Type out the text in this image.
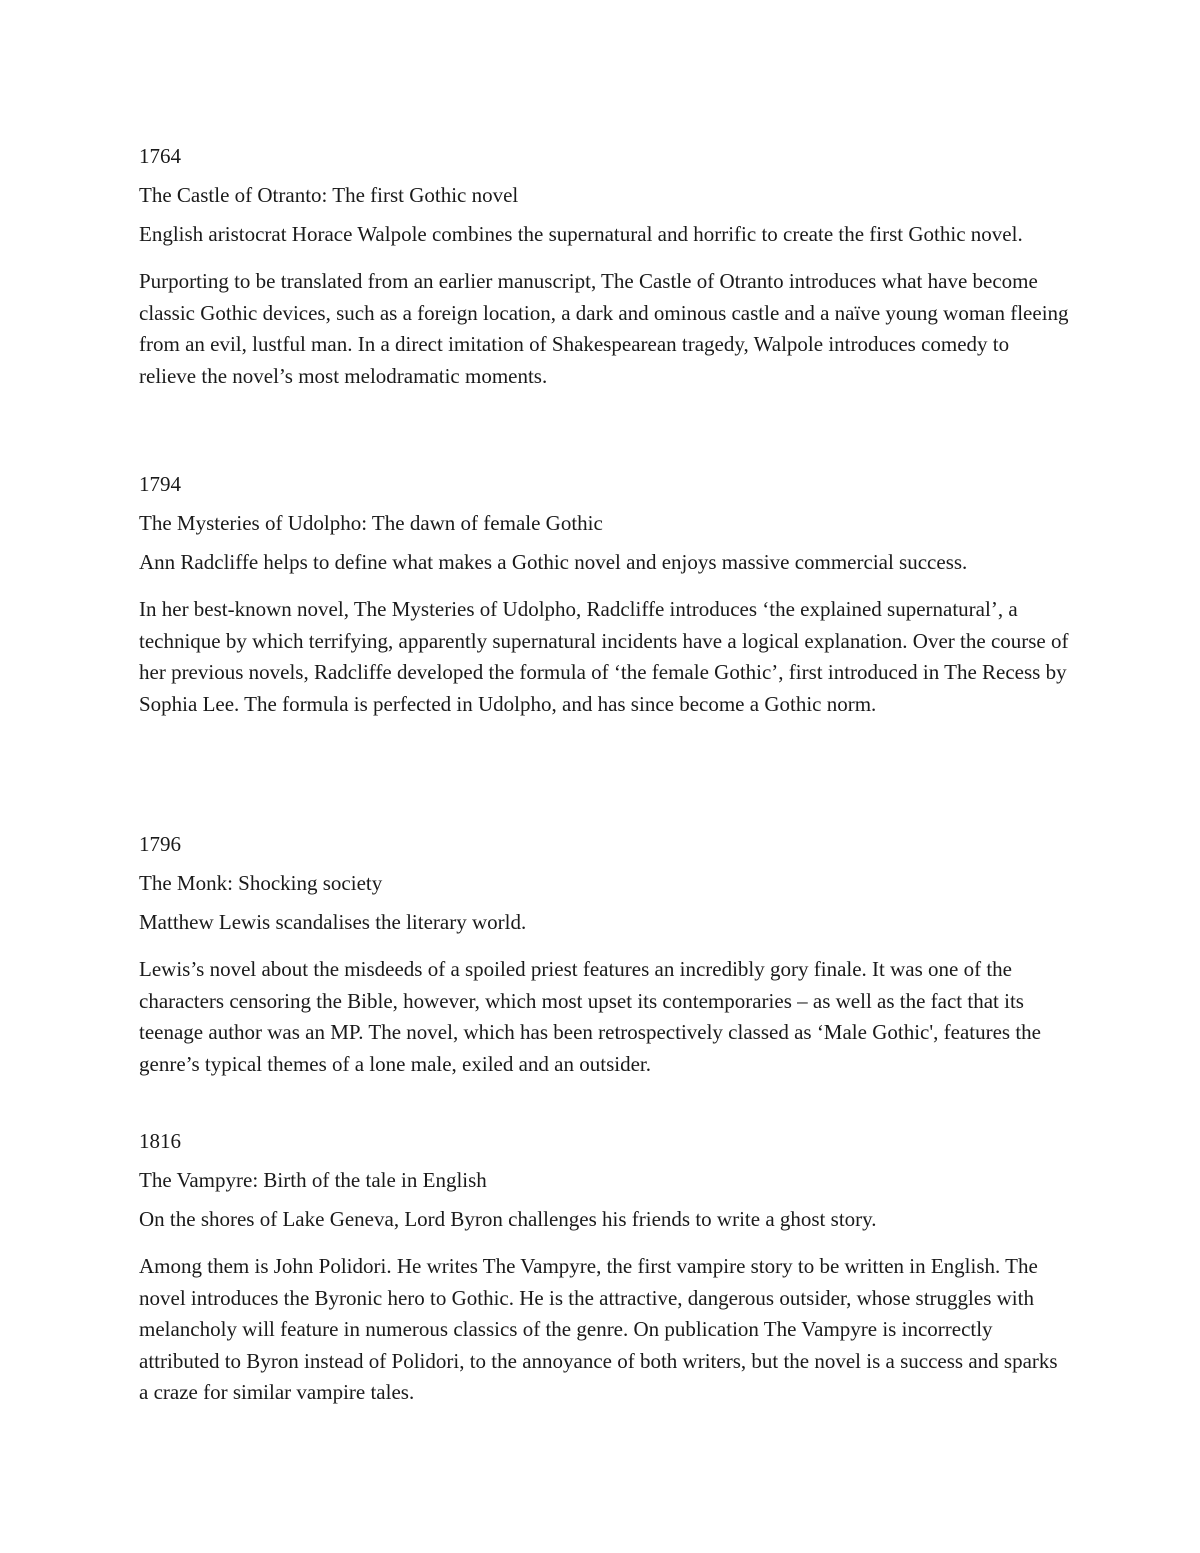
1764
The Castle of Otranto: The first Gothic novel
English aristocrat Horace Walpole combines the supernatural and horrific to create the first Gothic novel.
Purporting to be translated from an earlier manuscript, The Castle of Otranto introduces what have become classic Gothic devices, such as a foreign location, a dark and ominous castle and a naïve young woman fleeing from an evil, lustful man. In a direct imitation of Shakespearean tragedy, Walpole introduces comedy to relieve the novel’s most melodramatic moments.
1794
The Mysteries of Udolpho: The dawn of female Gothic
Ann Radcliffe helps to define what makes a Gothic novel and enjoys massive commercial success.
In her best-known novel, The Mysteries of Udolpho, Radcliffe introduces ‘the explained supernatural’, a technique by which terrifying, apparently supernatural incidents have a logical explanation. Over the course of her previous novels, Radcliffe developed the formula of ‘the female Gothic’, first introduced in The Recess by Sophia Lee. The formula is perfected in Udolpho, and has since become a Gothic norm.
1796
The Monk: Shocking society
Matthew Lewis scandalises the literary world.
Lewis’s novel about the misdeeds of a spoiled priest features an incredibly gory finale. It was one of the characters censoring the Bible, however, which most upset its contemporaries – as well as the fact that its teenage author was an MP. The novel, which has been retrospectively classed as ‘Male Gothic', features the genre’s typical themes of a lone male, exiled and an outsider.
1816
The Vampyre: Birth of the tale in English
On the shores of Lake Geneva, Lord Byron challenges his friends to write a ghost story.
Among them is John Polidori. He writes The Vampyre, the first vampire story to be written in English. The novel introduces the Byronic hero to Gothic. He is the attractive, dangerous outsider, whose struggles with melancholy will feature in numerous classics of the genre. On publication The Vampyre is incorrectly attributed to Byron instead of Polidori, to the annoyance of both writers, but the novel is a success and sparks a craze for similar vampire tales.
